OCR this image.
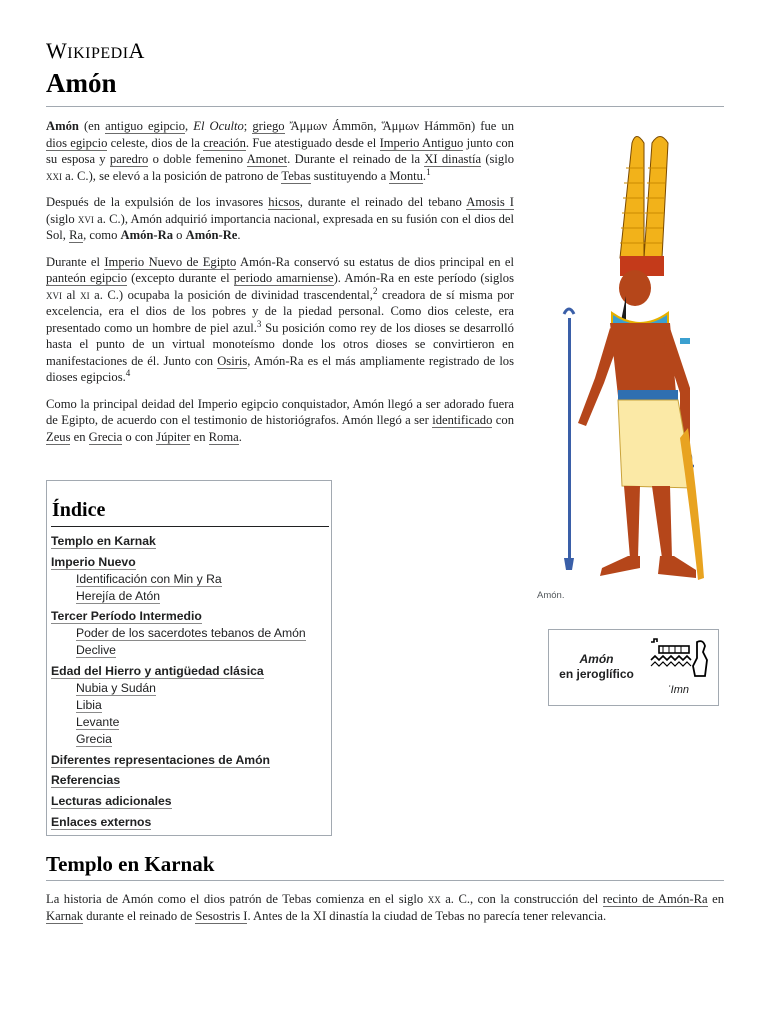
WIKIPEDIA
Amón

Amón (en antiguo egipcio, El Oculto; griego Ἄμμων Ámmōn, Ἅμμων Hámmōn) fue un dios egipcio celeste, dios de la creación. Fue atestiguado desde el Imperio Antiguo junto con su esposa y paredro o doble femenino Amonet. Durante el reinado de la XI dinastía (siglo xxi a. C.), se elevó a la posición de patrono de Tebas sustituyendo a Montu.$^1$

Después de la expulsión de los invasores hicsos, durante el reinado del tebano Amosis I (siglo xvi a. C.), Amón adquirió importancia nacional, expresada en su fusión con el dios del Sol, Ra, como Amón-Ra o Amón-Re.

Durante el Imperio Nuevo de Egipto Amón-Ra conservó su estatus de dios principal en el panteón egipcio (excepto durante el periodo amarniense). Amón-Ra en este período (siglos xvi al xi a. C.) ocupaba la posición de divinidad trascendental,$^2$ creadora de sí misma por excelencia, era el dios de los pobres y de la piedad personal. Como dios celeste, era presentado como un hombre de piel azul.$^3$ Su posición como rey de los dioses se desarrolló hasta el punto de un virtual monoteísmo donde los otros dioses se convirtieron en manifestaciones de él. Junto con Osiris, Amón-Ra es el más ampliamente registrado de los dioses egipcios.$^4$

Como la principal deidad del Imperio egipcio conquistador, Amón llegó a ser adorado fuera de Egipto, de acuerdo con el testimonio de historiógrafos. Amón llegó a ser identificado con Zeus en Grecia o con Júpiter en Roma.

Índice
Templo en Karnak
Imperio Nuevo
Identificación con Min y Ra
Herejía de Atón
Tercer Período Intermedio
Poder de los sacerdotes tebanos de Amón
Declive
Edad del Hierro y antigüedad clásica
Nubia y Sudán
Libia
Levante
Grecia
Diferentes representaciones de Amón
Referencias
Lecturas adicionales
Enlaces externos
Amón.
Amón
en jeroglífico
ʾImn
Templo en Karnak

La historia de Amón como el dios patrón de Tebas comienza en el siglo xx a. C., con la construcción del recinto de Amón-Ra en Karnak durante el reinado de Sesostris I. Antes de la XI dinastía la ciudad de Tebas no parecía tener relevancia.
